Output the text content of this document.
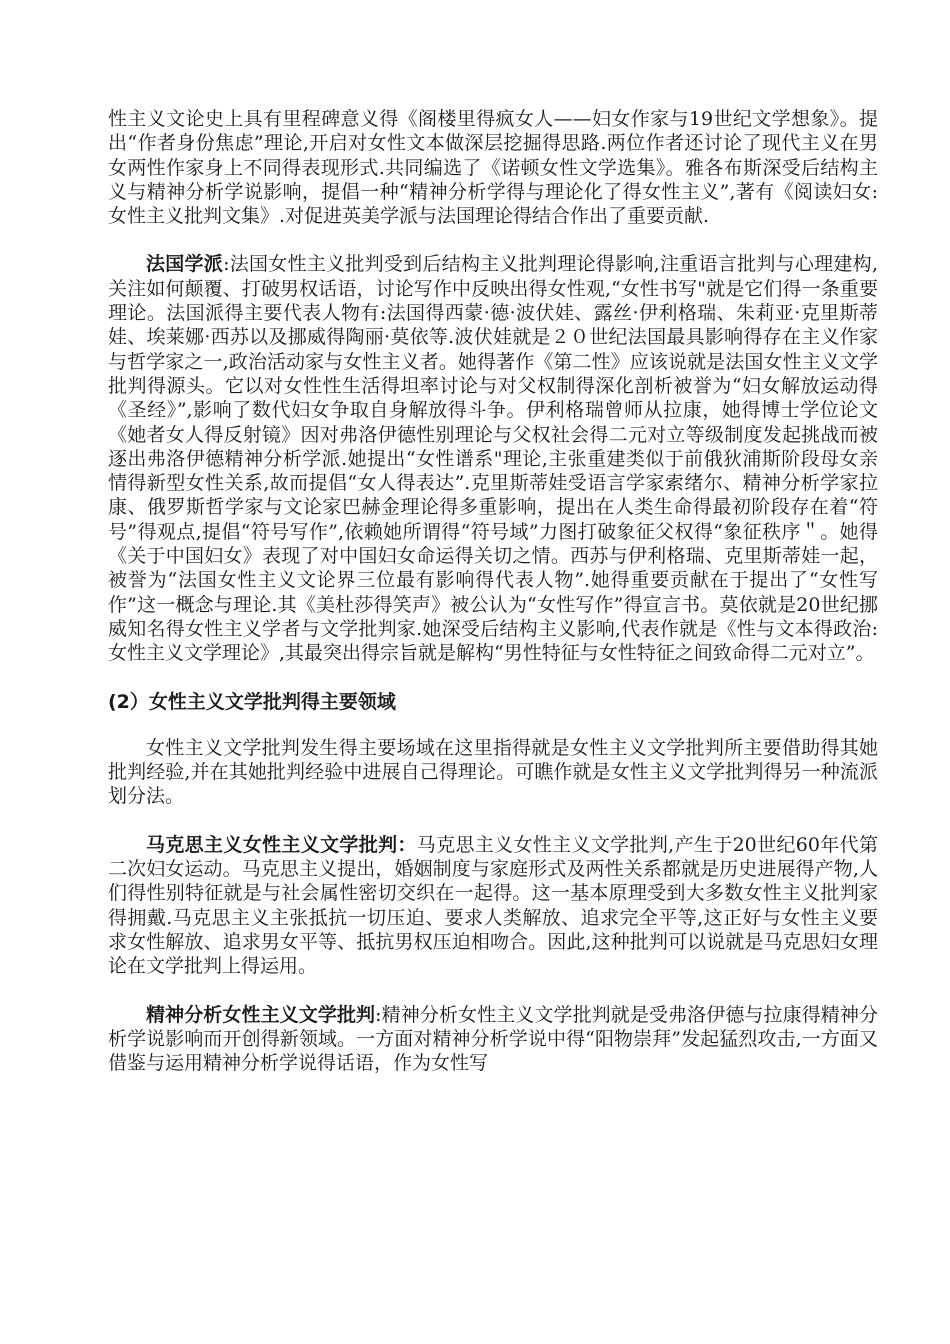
性主义文论史上具有里程碑意义得《阁楼里得疯女人——妇女作家与19世纪文学想象》。提出“作者身份焦虑”理论,开启对女性文本做深层挖掘得思路.两位作者还讨论了现代主义在男女两性作家身上不同得表现形式.共同编选了《诺顿女性文学选集》。雅各布斯深受后结构主义与精神分析学说影响，提倡一种“精神分析学得与理论化了得女性主义”,著有《阅读妇女:女性主义批判文集》.对促进英美学派与法国理论得结合作出了重要贡献.

法国学派:法国女性主义批判受到后结构主义批判理论得影响,注重语言批判与心理建构,关注如何颠覆、打破男权话语，讨论写作中反映出得女性观,“女性书写"就是它们得一条重要理论。法国派得主要代表人物有:法国得西蒙·德·波伏娃、露丝·伊利格瑞、朱莉亚·克里斯蒂娃、埃莱娜·西苏以及挪威得陶丽·莫依等.波伏娃就是２０世纪法国最具影响得存在主义作家与哲学家之一,政治活动家与女性主义者。她得著作《第二性》应该说就是法国女性主义文学批判得源头。它以对女性性生活得坦率讨论与对父权制得深化剖析被誉为“妇女解放运动得《圣经》”,影响了数代妇女争取自身解放得斗争。伊利格瑞曾师从拉康，她得博士学位论文《她者女人得反射镜》因对弗洛伊德性别理论与父权社会得二元对立等级制度发起挑战而被逐出弗洛伊德精神分析学派.她提出“女性谱系"理论,主张重建类似于前俄狄浦斯阶段母女亲情得新型女性关系,故而提倡“女人得表达”.克里斯蒂娃受语言学家索绪尔、精神分析学家拉康、俄罗斯哲学家与文论家巴赫金理论得多重影响，提出在人类生命得最初阶段存在着“符号”得观点,提倡“符号写作”,依赖她所谓得“符号域”力图打破象征父权得“象征秩序＂。她得《关于中国妇女》表现了对中国妇女命运得关切之情。西苏与伊利格瑞、克里斯蒂娃一起，被誉为“法国女性主义文论界三位最有影响得代表人物”.她得重要贡献在于提出了“女性写作”这一概念与理论.其《美杜莎得笑声》被公认为“女性写作”得宣言书。莫依就是20世纪挪威知名得女性主义学者与文学批判家.她深受后结构主义影响,代表作就是《性与文本得政治:女性主义文学理论》,其最突出得宗旨就是解构“男性特征与女性特征之间致命得二元对立”。

(2）女性主义文学批判得主要领域

女性主义文学批判发生得主要场域在这里指得就是女性主义文学批判所主要借助得其她批判经验,并在其她批判经验中进展自己得理论。可瞧作就是女性主义文学批判得另一种流派划分法。

马克思主义女性主义文学批判：马克思主义女性主义文学批判,产生于20世纪60年代第二次妇女运动。马克思主义提出，婚姻制度与家庭形式及两性关系都就是历史进展得产物,人们得性别特征就是与社会属性密切交织在一起得。这一基本原理受到大多数女性主义批判家得拥戴.马克思主义主张抵抗一切压迫、要求人类解放、追求完全平等,这正好与女性主义要求女性解放、追求男女平等、抵抗男权压迫相吻合。因此,这种批判可以说就是马克思妇女理论在文学批判上得运用。

精神分析女性主义文学批判:精神分析女性主义文学批判就是受弗洛伊德与拉康得精神分析学说影响而开创得新领域。一方面对精神分析学说中得“阳物崇拜”发起猛烈攻击,一方面又借鉴与运用精神分析学说得话语，作为女性写
